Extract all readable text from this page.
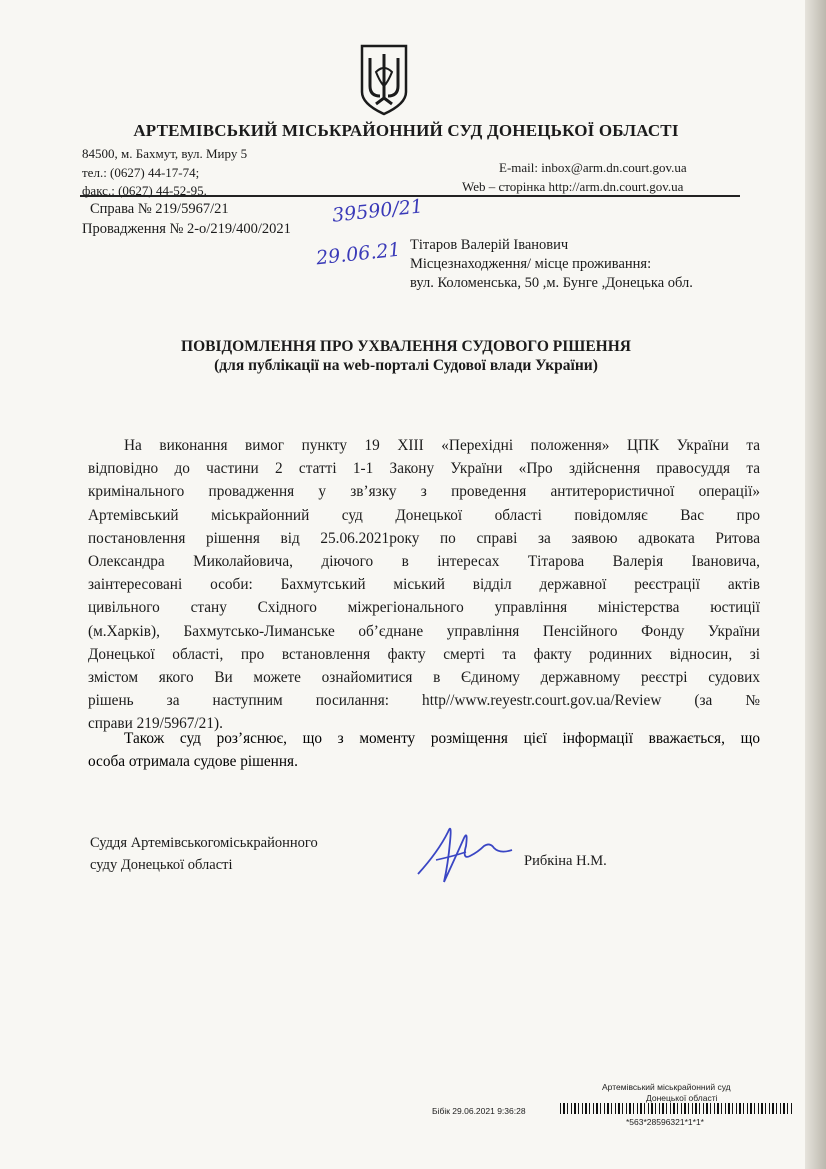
АРТЕМІВСЬКИЙ МІСЬКРАЙОННИЙ СУД ДОНЕЦЬКОЇ ОБЛАСТІ
84500, м. Бахмут, вул. Миру 5
тел.: (0627) 44-17-74;
факс.: (0627) 44-52-95.
E-mail: inbox@arm.dn.court.gov.ua
Web – сторінка http://arm.dn.court.gov.ua
Справа № 219/5967/21
Провадження № 2-о/219/400/2021
39590/21
29.06.21 Тітаров Валерій Іванович
Місцезнаходження/ місце проживання:
вул. Коломенська, 50 ,м. Бунге ,Донецька обл.
ПОВІДОМЛЕННЯ ПРО УХВАЛЕННЯ СУДОВОГО РІШЕННЯ
(для публікації на web-порталі Судової влади України)
На виконання вимог пункту 19 ХІІІ «Перехідні положення» ЦПК України та
відповідно до частини 2 статті 1-1 Закону України «Про здійснення правосуддя та
кримінального провадження у зв’язку з проведення антитерористичної операції»
Артемівський міськрайонний суд Донецької області повідомляє Вас про
постановлення рішення від 25.06.2021року по справі за заявою адвоката Ритова
Олександра Миколайовича, діючого в інтересах Тітарова Валерія Івановича,
заінтересовані особи: Бахмутський міський відділ державної реєстрації актів
цивільного стану Східного міжрегіонального управління міністерства юстиції
(м.Харків), Бахмутсько-Лиманське об’єднане управління Пенсійного Фонду України
Донецької області, про встановлення факту смерті та факту родинних відносин, зі
змістом якого Ви можете ознайомитися в Єдиному державному реєстрі судових
рішень за наступним посилання: http//www.reyestr.court.gov.ua/Review (за №
справи 219/5967/21).
Також суд роз’яснює, що з моменту розміщення цієї інформації вважається, що
особа отримала судове рішення.
Суддя Артемівськогоміськрайонного
суду Донецької області	Рибкіна Н.М.
Артемівський міськрайонний суд
Донецької області
Бібік 29.06.2021 9:36:28
*563*28596321*1*1*
